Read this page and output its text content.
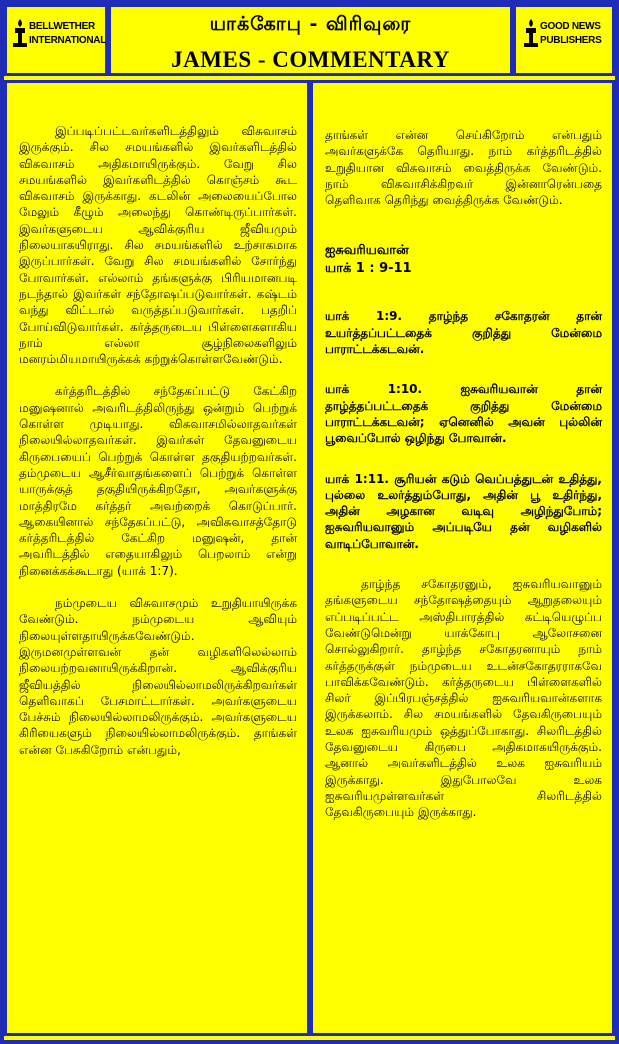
BELLWETHER
INTERNATIONAL
யாக்கோபு - விரிவுரை
JAMES - COMMENTARY
GOOD NEWS
PUBLISHERS

இப்படிப்பட்டவர்களிடத்திலும் விசுவாசம் இருக்கும். சில சமயங்களில் இவர்களிடத்தில் விசுவாசம் அதிகமாயிருக்கும். வேறு சில சமயங்களில் இவர்களிடத்தில் கொஞ்சம் கூட விசுவாசம் இருக்காது. கடலின் அலையைப்போல மேலும் கீழும் அலைந்து கொண்டிருப்பார்கள். இவர்களுடைய ஆவிக்குரிய ஜீவியமும் நிலையாகயிராது. சில சமயங்களில் உற்சாகமாக இருப்பார்கள். வேறு சில சமயங்களில் சோர்ந்து போவார்கள். எல்லாம் தங்களுக்கு பிரியமானபடி நடந்தால் இவர்கள் சந்தோஷப்படுவார்கள். கஷ்டம் வந்து விட்டால் வருத்தப்படுவார்கள். பதறிப் போய்விடுவார்கள். கர்த்தருடைய பிள்ளைகளாகிய நாம் எல்லா சூழ்நிலைகளிலும் மனரம்மியமாயிருக்கக் கற்றுக்கொள்ளவேண்டும்.

கர்த்தரிடத்தில் சந்தேகப்பட்டு கேட்கிற மனுஷனால் அவரிடத்திலிருந்து ஒன்றும் பெற்றுக் கொள்ள முடியாது. விசுவாசமில்லாதவர்கள் நிலையில்லாதவர்கள். இவர்கள் தேவனுடைய கிருபையைப் பெற்றுக் கொள்ள தகுதியற்றவர்கள். தம்முடைய ஆசீர்வாதங்களைப் பெற்றுக் கொள்ள யாருக்குத் தகுதியிருக்கிறதோ, அவர்களுக்கு மாத்திரமே கர்த்தர் அவற்றைக் கொடுப்பார். ஆகையினால் சந்தேகப்பட்டு, அவிசுவாசத்தோடு கர்த்தரிடத்தில் கேட்கிற மனுஷன், தான் அவரிடத்தில் எதையாகிலும் பெறலாம் என்று நினைக்கக்கூடாது (யாக் 1:7).

நம்முடைய விசுவாசமும் உறுதியாயிருக்க வேண்டும். நம்முடைய ஆவியும் நிலையுள்ளதாயிருக்கவேண்டும். இருமனமுள்ளவன் தன் வழிகளிலெல்லாம் நிலையற்றவனாயிருக்கிறான். ஆவிக்குரிய ஜீவியத்தில் நிலையில்லாமலிருக்கிறவர்கள் தெளிவாகப் பேசமாட்டார்கள். அவர்களுடைய பேச்சும் நிலையில்லாமலிருக்கும். அவர்களுடைய கிரியைகளும் நிலையில்லாமலிருக்கும். தாங்கள் என்ன பேசுகிறோம் என்பதும்,

தாங்கள் என்ன செய்கிறோம் என்பதும் அவர்களுக்கே தெரியாது. நாம் கர்த்தரிடத்தில் உறுதியான விசுவாசம் வைத்திருக்க வேண்டும். நாம் விசுவாசிக்கிறவர் இன்னாரென்பதை தெளிவாக தெரிந்து வைத்திருக்க வேண்டும்.

ஐசுவரியவான்

யாக் 1 : 9-11

யாக் 1:9. தாழ்ந்த சகோதரன் தான் உயர்த்தப்பட்டதைக் குறித்து மேன்மை பாராட்டக்கடவன்.

யாக் 1:10. ஐசுவரியவான் தான் தாழ்த்தப்பட்டதைக் குறித்து மேன்மை பாராட்டக்கடவன்; ஏனெனில் அவன் புல்லின் பூவைப்போல் ஒழிந்து போவான்.

யாக் 1:11. சூரியன் கடும் வெப்பத்துடன் உதித்து, புல்லை உலர்த்தும்போது, அதின் பூ உதிர்ந்து, அதின் அழகான வடிவு அழிந்துபோம்; ஐசுவரியவானும் அப்படியே தன் வழிகளில் வாடிப்போவான்.

தாழ்ந்த சகோதரனும், ஐசுவரியவானும் தங்களுடைய சந்தோஷத்தையும் ஆறுதலையும் எப்படிப்பட்ட அஸ்திபாரத்தில் கட்டியெழுப்ப வேண்டுமென்று யாக்கோபு ஆலோசனை சொல்லுகிறார். தாழ்ந்த சகோதரனாயும் நாம் கர்த்தருக்குள் நம்முடைய உடன்சகோதரராகவே பாவிக்கவேண்டும். கர்த்தருடைய பிள்ளைகளில் சிலர் இப்பிரபஞ்சத்தில் ஐசுவரியவான்களாக இருக்கலாம். சில சமயங்களில் தேவகிருபையும் உலக ஐசுவரியமும் ஒத்துப்போகாது. சிலரிடத்தில் தேவனுடைய கிருபை அதிகமாகயிருக்கும். ஆனால் அவர்களிடத்தில் உலக ஐசுவரியம் இருக்காது. இதுபோலவே உலக ஐசுவரியமுள்ளவர்கள் சிலரிடத்தில் தேவகிருபையும் இருக்காது.
